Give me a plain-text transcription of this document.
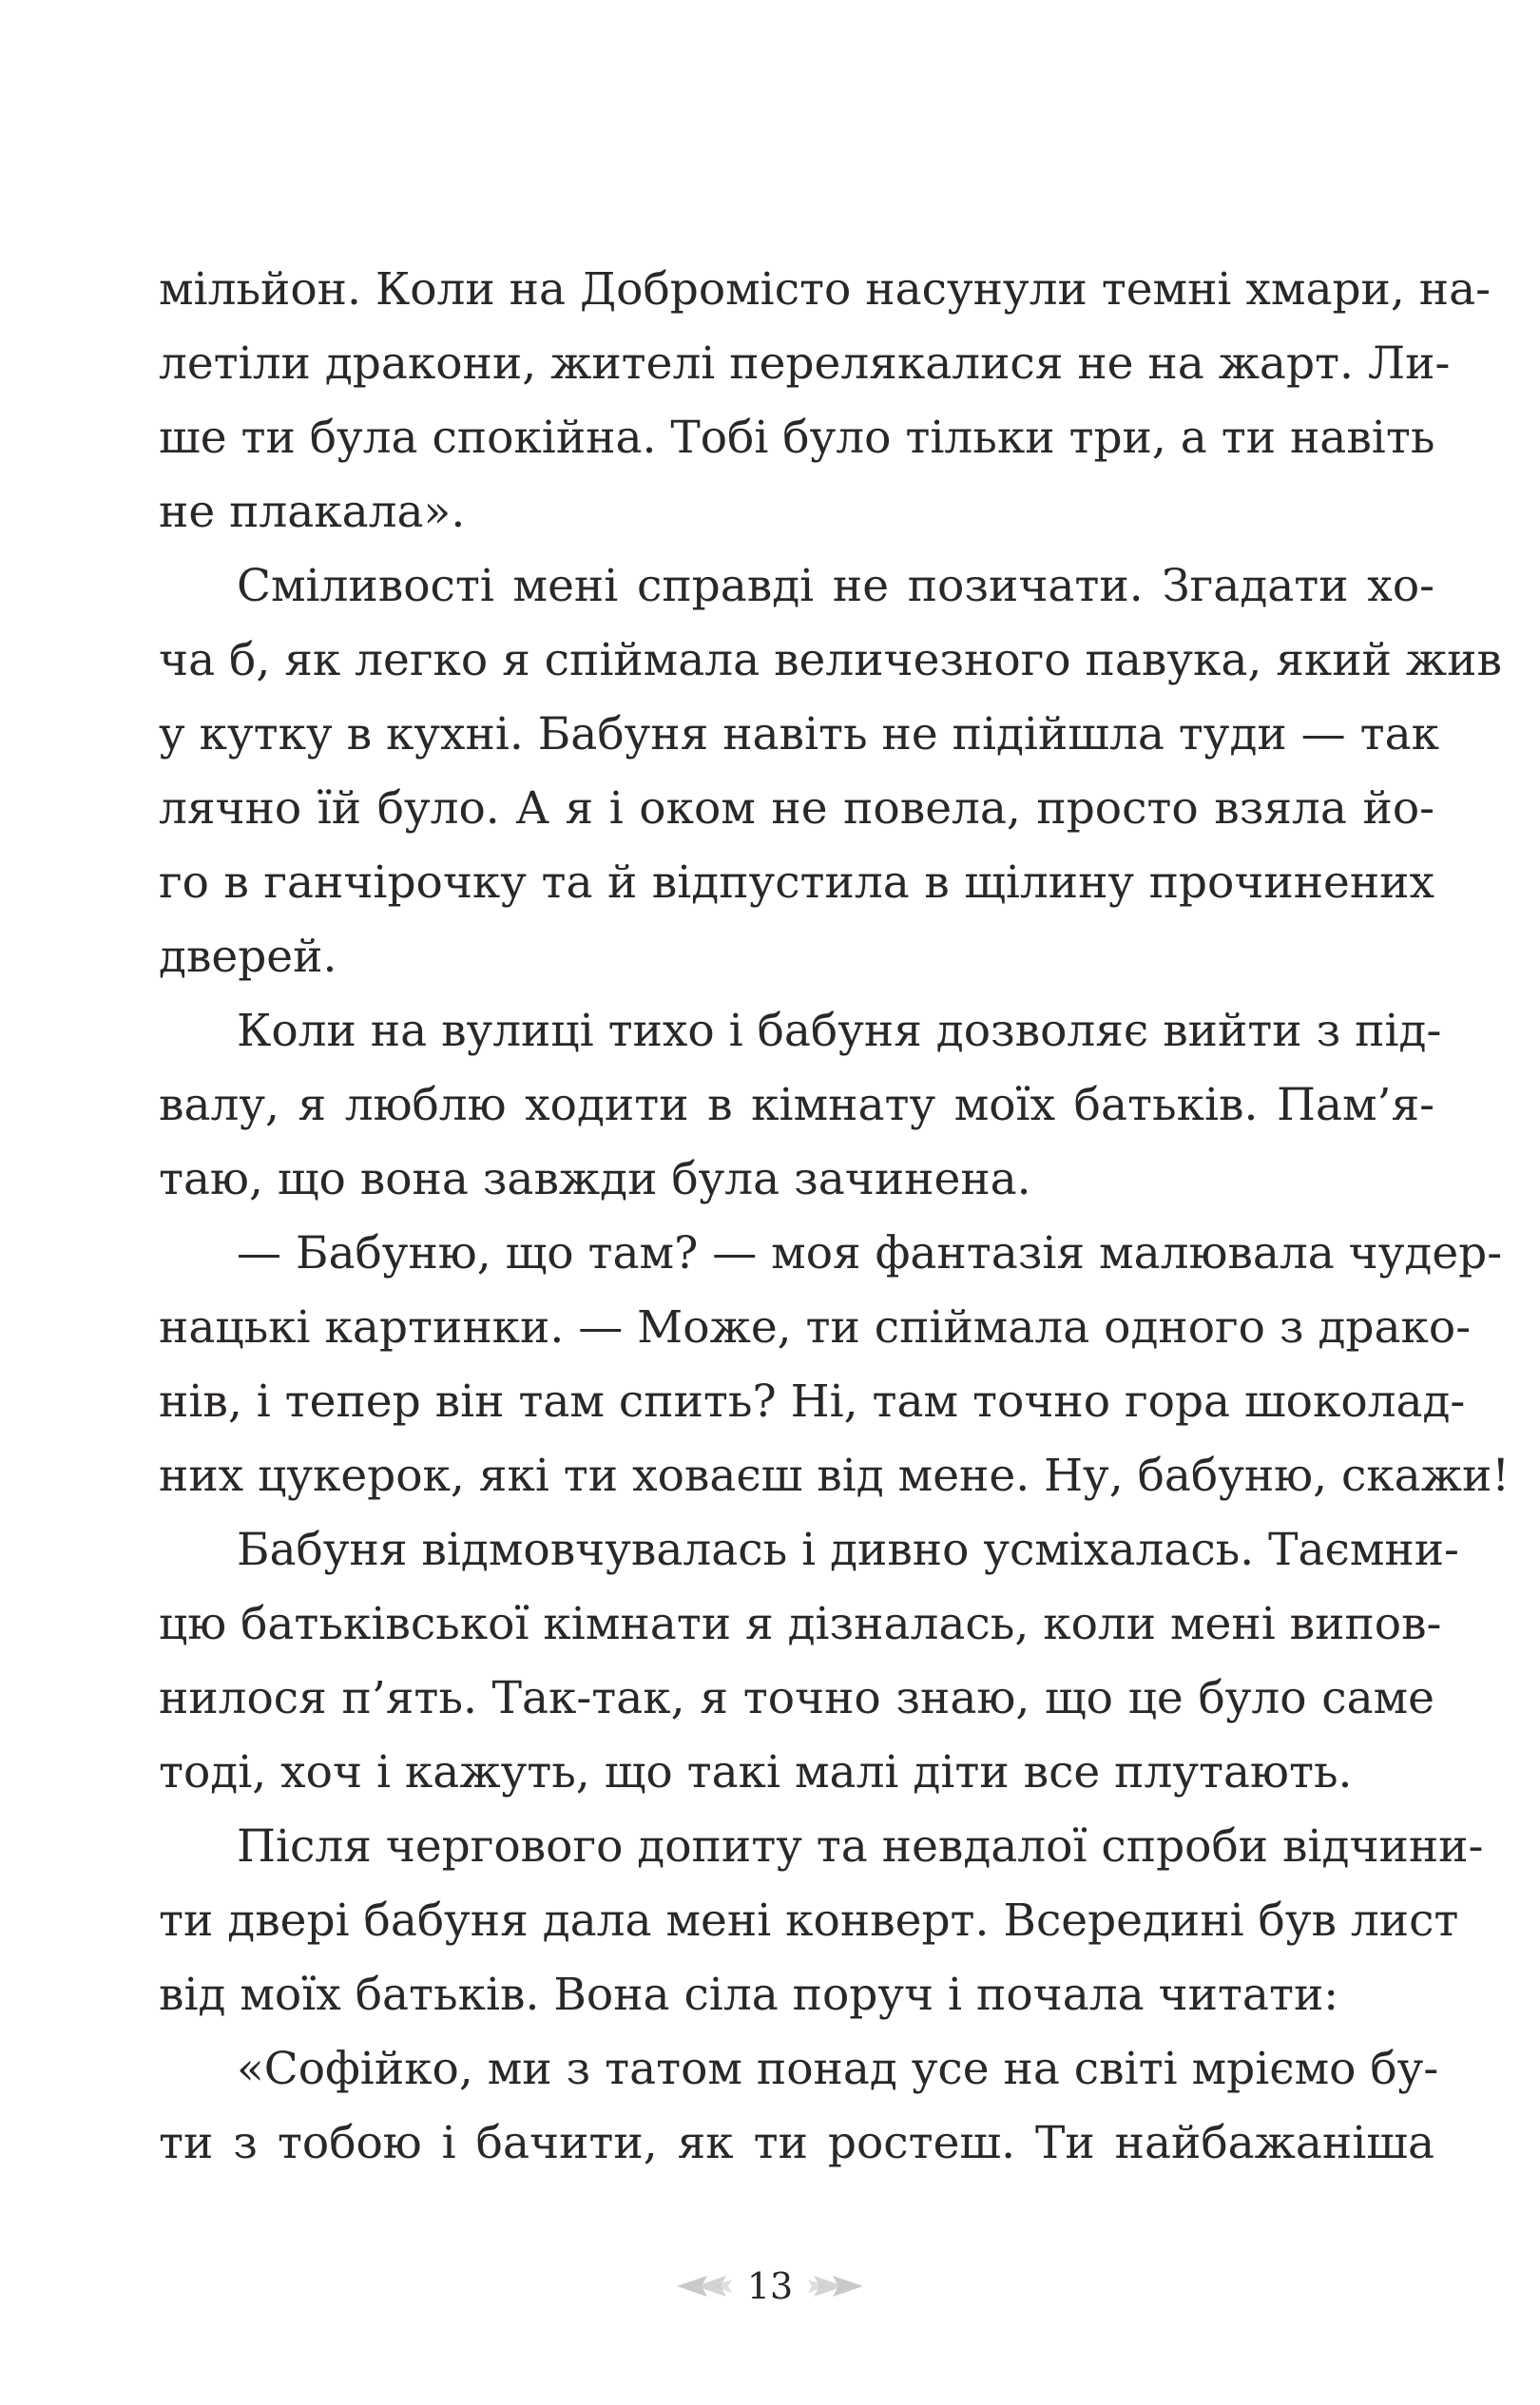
мільйон. Коли на Добромісто насунули темні хмари, на-
летіли дракони, жителі перелякалися не на жарт. Ли-
ше ти була спокійна. Тобі було тільки три, а ти навіть
не плакала».
Сміливості мені справді не позичати. Згадати хо-
ча б, як легко я спіймала величезного павука, який жив
у кутку в кухні. Бабуня навіть не підійшла туди — так
лячно їй було. А я і оком не повела, просто взяла йо-
го в ганчірочку та й відпустила в щілину прочинених
дверей.
Коли на вулиці тихо і бабуня дозволяє вийти з під-
валу, я люблю ходити в кімнату моїх батьків. Пам’я-
таю, що вона завжди була зачинена.
— Бабуню, що там? — моя фантазія малювала чудер-
нацькі картинки. — Може, ти спіймала одного з драко-
нів, і тепер він там спить? Ні, там точно гора шоколад-
них цукерок, які ти ховаєш від мене. Ну, бабуню, скажи!
Бабуня відмовчувалась і дивно усміхалась. Таємни-
цю батьківської кімнати я дізналась, коли мені випов-
нилося п’ять. Так-так, я точно знаю, що це було саме
тоді, хоч і кажуть, що такі малі діти все плутають.
Після чергового допиту та невдалої спроби відчини-
ти двері бабуня дала мені конверт. Всередині був лист
від моїх батьків. Вона сіла поруч і почала читати:
«Софійко, ми з татом понад усе на світі мріємо бу-
ти з тобою і бачити, як ти ростеш. Ти найбажаніша
13
